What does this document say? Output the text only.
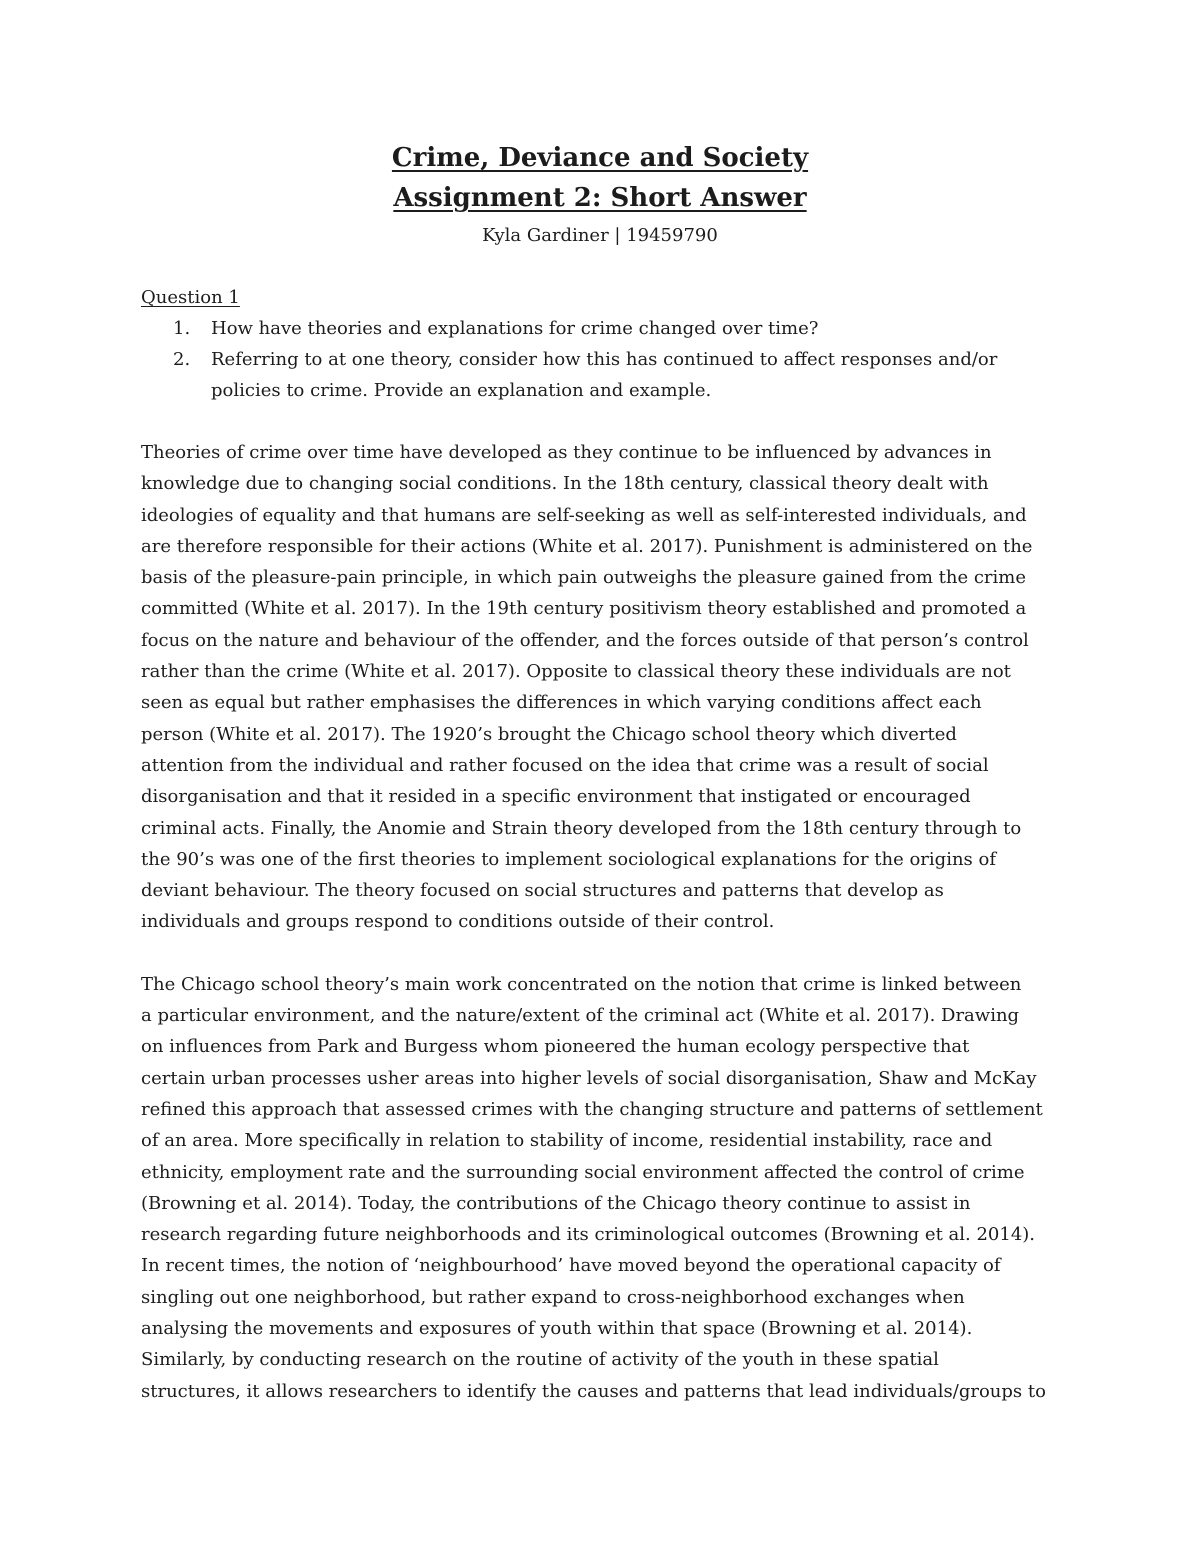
Crime, Deviance and Society
Assignment 2: Short Answer
Kyla Gardiner | 19459790
Question 1
1. How have theories and explanations for crime changed over time?
2. Referring to at one theory, consider how this has continued to affect responses and/or
policies to crime. Provide an explanation and example.
Theories of crime over time have developed as they continue to be influenced by advances in
knowledge due to changing social conditions. In the 18th century, classical theory dealt with
ideologies of equality and that humans are self-seeking as well as self-interested individuals, and
are therefore responsible for their actions (White et al. 2017). Punishment is administered on the
basis of the pleasure-pain principle, in which pain outweighs the pleasure gained from the crime
committed (White et al. 2017). In the 19th century positivism theory established and promoted a
focus on the nature and behaviour of the offender, and the forces outside of that person’s control
rather than the crime (White et al. 2017). Opposite to classical theory these individuals are not
seen as equal but rather emphasises the differences in which varying conditions affect each
person (White et al. 2017). The 1920’s brought the Chicago school theory which diverted
attention from the individual and rather focused on the idea that crime was a result of social
disorganisation and that it resided in a specific environment that instigated or encouraged
criminal acts. Finally, the Anomie and Strain theory developed from the 18th century through to
the 90’s was one of the first theories to implement sociological explanations for the origins of
deviant behaviour. The theory focused on social structures and patterns that develop as
individuals and groups respond to conditions outside of their control.
The Chicago school theory’s main work concentrated on the notion that crime is linked between
a particular environment, and the nature/extent of the criminal act (White et al. 2017). Drawing
on influences from Park and Burgess whom pioneered the human ecology perspective that
certain urban processes usher areas into higher levels of social disorganisation, Shaw and McKay
refined this approach that assessed crimes with the changing structure and patterns of settlement
of an area. More specifically in relation to stability of income, residential instability, race and
ethnicity, employment rate and the surrounding social environment affected the control of crime
(Browning et al. 2014). Today, the contributions of the Chicago theory continue to assist in
research regarding future neighborhoods and its criminological outcomes (Browning et al. 2014).
In recent times, the notion of ‘neighbourhood’ have moved beyond the operational capacity of
singling out one neighborhood, but rather expand to cross-neighborhood exchanges when
analysing the movements and exposures of youth within that space (Browning et al. 2014).
Similarly, by conducting research on the routine of activity of the youth in these spatial
structures, it allows researchers to identify the causes and patterns that lead individuals/groups to
